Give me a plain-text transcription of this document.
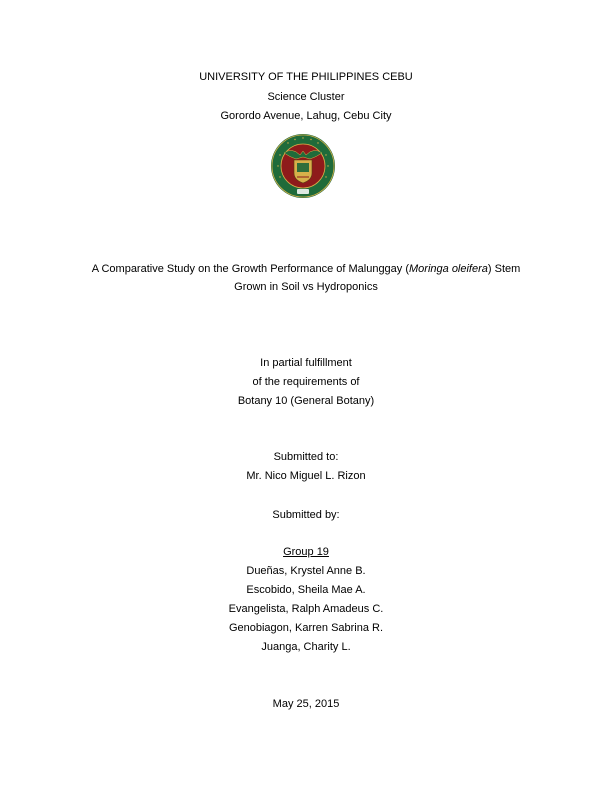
UNIVERSITY OF THE PHILIPPINES CEBU
Science Cluster
Gorordo Avenue, Lahug, Cebu City
A Comparative Study on the Growth Performance of Malunggay (Moringa oleifera) Stem
Grown in Soil vs Hydroponics
In partial fulfillment
of the requirements of
Botany 10 (General Botany)
Submitted to:
Mr. Nico Miguel L. Rizon
Submitted by:
Group 19
Dueñas, Krystel Anne B.
Escobido, Sheila Mae A.
Evangelista, Ralph Amadeus C.
Genobiagon, Karren Sabrina R.
Juanga, Charity L.
May 25, 2015
